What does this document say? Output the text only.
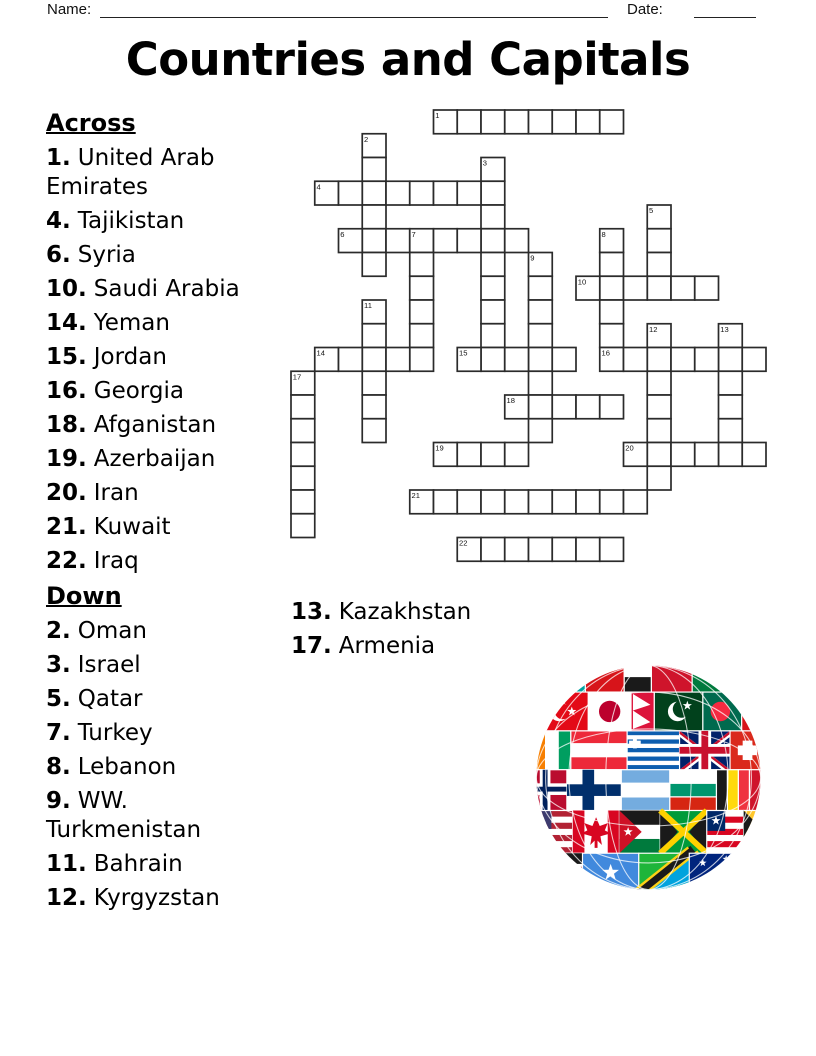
Name:	Date:
Countries and Capitals
Across

1. United Arab Emirates

4. Tajikistan

6. Syria

10. Saudi Arabia

14. Yeman

15. Jordan

16. Georgia

18. Afganistan

19. Azerbaijan

20. Iran

21. Kuwait

22. Iraq

Down

2. Oman

3. Israel

5. Qatar

7. Turkey

8. Lebanon

9. WW. Turkmenistan

11. Bahrain

12. Kyrgyzstan

13. Kazakhstan

17. Armenia

1
2
3
4
5
6	7	8
9
10
11
12	13
14	15	16
17
18
19	20
21
22
